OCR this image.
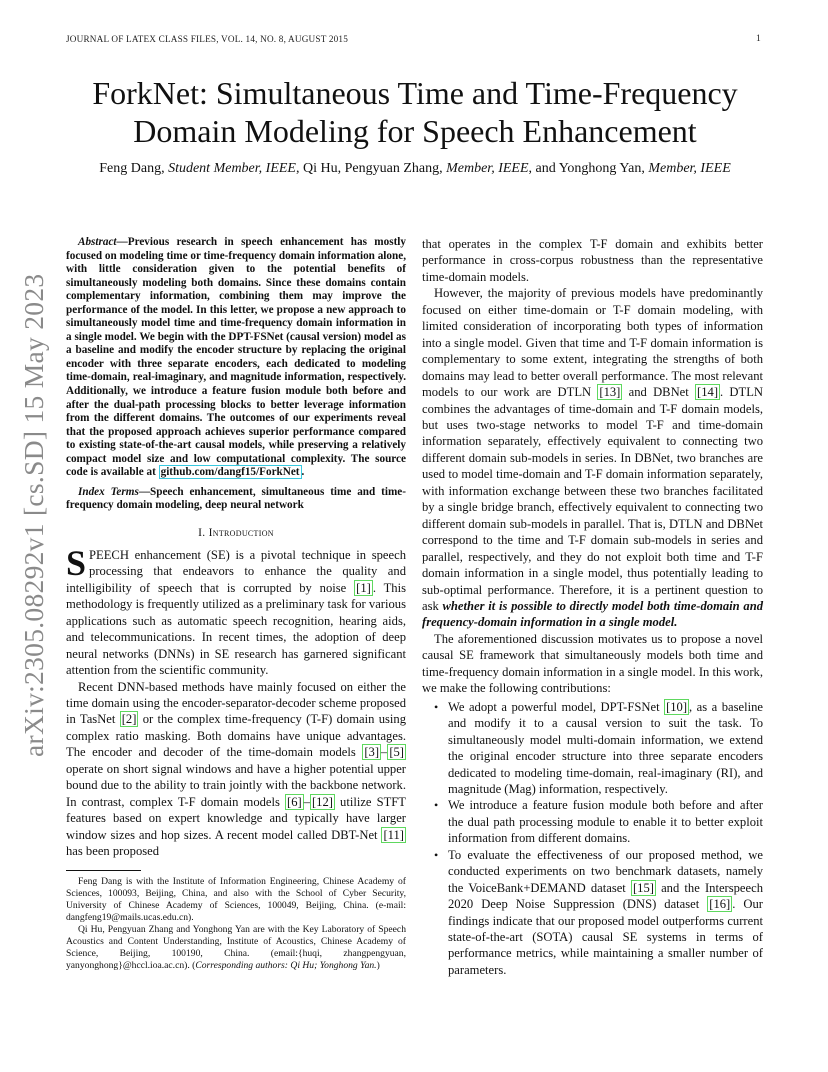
JOURNAL OF LATEX CLASS FILES, VOL. 14, NO. 8, AUGUST 2015	1
arXiv:2305.08292v1 [cs.SD] 15 May 2023
ForkNet: Simultaneous Time and Time-Frequency
Domain Modeling for Speech Enhancement
Feng Dang, Student Member, IEEE, Qi Hu, Pengyuan Zhang, Member, IEEE, and Yonghong Yan, Member, IEEE

Abstract—Previous research in speech enhancement has mostly focused on modeling time or time-frequency domain information alone, with little consideration given to the potential benefits of simultaneously modeling both domains. Since these domains contain complementary information, combining them may improve the performance of the model. In this letter, we propose a new approach to simultaneously model time and time-frequency domain information in a single model. We begin with the DPT-FSNet (causal version) model as a baseline and modify the encoder structure by replacing the original encoder with three separate encoders, each dedicated to modeling time-domain, real-imaginary, and magnitude information, respectively. Additionally, we introduce a feature fusion module both before and after the dual-path processing blocks to better leverage information from the different domains. The outcomes of our experiments reveal that the proposed approach achieves superior performance compared to existing state-of-the-art causal models, while preserving a relatively compact model size and low computational complexity. The source code is available at github.com/dangf15/ForkNet .

Index Terms—Speech enhancement, simultaneous time and time-frequency domain modeling, deep neural network

I. Introduction

SPEECH enhancement (SE) is a pivotal technique in speech processing that endeavors to enhance the quality and intelligibility of speech that is corrupted by noise [1] . This methodology is frequently utilized as a preliminary task for various applications such as automatic speech recognition, hearing aids, and telecommunications. In recent times, the adoption of deep neural networks (DNNs) in SE research has garnered significant attention from the scientific community.

Recent DNN-based methods have mainly focused on either the time domain using the encoder-separator-decoder scheme proposed in TasNet [2] or the complex time-frequency (T-F) domain using complex ratio masking. Both domains have unique advantages. The encoder and decoder of the time-domain models [3] – [5] operate on short signal windows and have a higher potential upper bound due to the ability to train jointly with the backbone network. In contrast, complex T-F domain models [6] – [12] utilize STFT features based on expert knowledge and typically have larger window sizes and hop sizes. A recent model called DBT-Net [11] has been proposed

Feng Dang is with the Institute of Information Engineering, Chinese Academy of Sciences, 100093, Beijing, China, and also with the School of Cyber Security, University of Chinese Academy of Sciences, 100049, Beijing, China. (e-mail: dangfeng19@mails.ucas.edu.cn).

Qi Hu, Pengyuan Zhang and Yonghong Yan are with the Key Laboratory of Speech Acoustics and Content Understanding, Institute of Acoustics, Chinese Academy of Science, Beijing, 100190, China. (email:{huqi, zhangpengyuan, yanyonghong}@hccl.ioa.ac.cn). (Corresponding authors: Qi Hu; Yonghong Yan.)

that operates in the complex T-F domain and exhibits better performance in cross-corpus robustness than the representative time-domain models.

However, the majority of previous models have predominantly focused on either time-domain or T-F domain modeling, with limited consideration of incorporating both types of information into a single model. Given that time and T-F domain information is complementary to some extent, integrating the strengths of both domains may lead to better overall performance. The most relevant models to our work are DTLN [13] and DBNet [14] . DTLN combines the advantages of time-domain and T-F domain models, but uses two-stage networks to model T-F and time-domain information separately, effectively equivalent to connecting two different domain sub-models in series. In DBNet, two branches are used to model time-domain and T-F domain information separately, with information exchange between these two branches facilitated by a single bridge branch, effectively equivalent to connecting two different domain sub-models in parallel. That is, DTLN and DBNet correspond to the time and T-F domain sub-models in series and parallel, respectively, and they do not exploit both time and T-F domain information in a single model, thus potentially leading to sub-optimal performance. Therefore, it is a pertinent question to ask whether it is possible to directly model both time-domain and frequency-domain information in a single model.

The aforementioned discussion motivates us to propose a novel causal SE framework that simultaneously models both time and time-frequency domain information in a single model. In this work, we make the following contributions:

• We adopt a powerful model, DPT-FSNet [10] , as a baseline and modify it to a causal version to suit the task. To simultaneously model multi-domain information, we extend the original encoder structure into three separate encoders dedicated to modeling time-domain, real-imaginary (RI), and magnitude (Mag) information, respectively.
• We introduce a feature fusion module both before and after the dual path processing module to enable it to better exploit information from different domains.
• To evaluate the effectiveness of our proposed method, we conducted experiments on two benchmark datasets, namely the VoiceBank+DEMAND dataset [15] and the Interspeech 2020 Deep Noise Suppression (DNS) dataset [16] . Our findings indicate that our proposed model outperforms current state-of-the-art (SOTA) causal SE systems in terms of performance metrics, while maintaining a smaller number of parameters.
